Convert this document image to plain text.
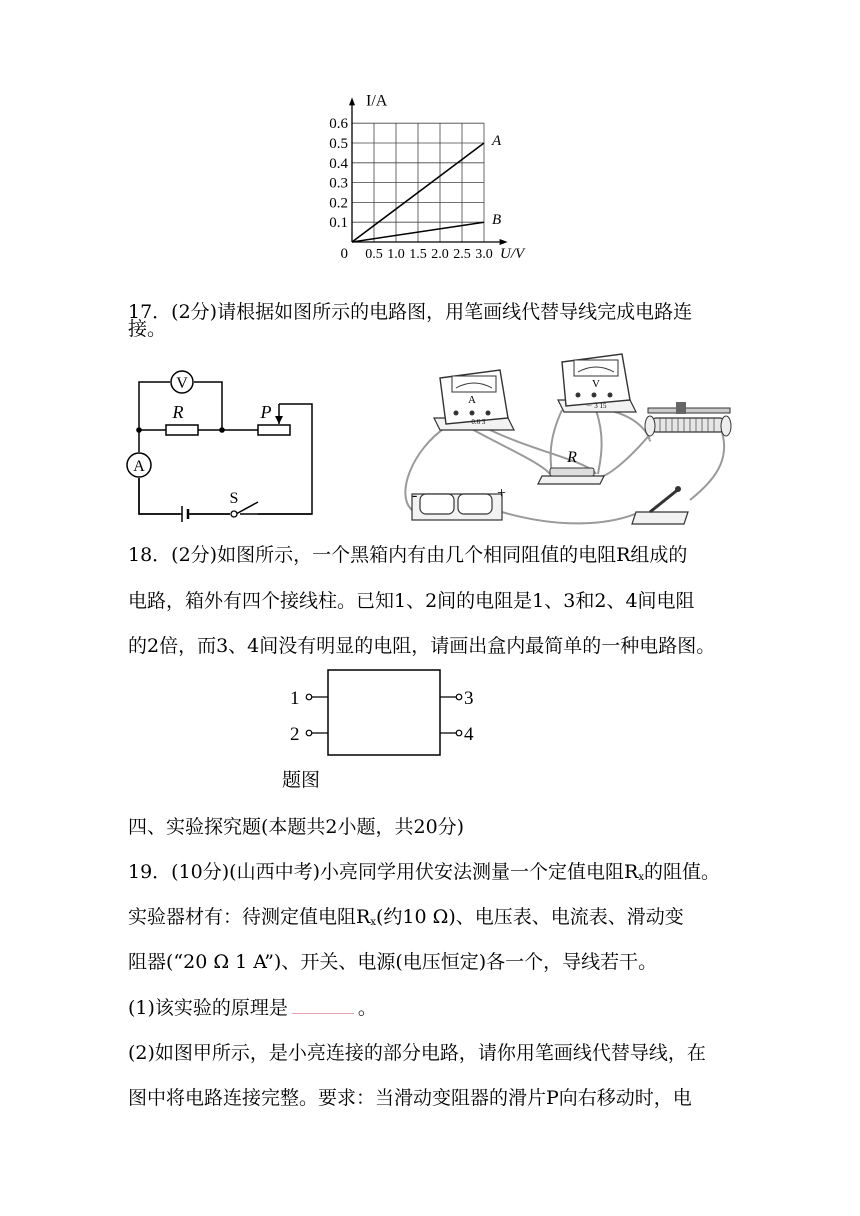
0.5 1.0 1.5 2.0 2.5 3.0
0.1
0.2
0.3
0.4
0.5
0.6
0
I/A
U/V
A
B
17．(2分)请根据如图所示的电路图，用笔画线代替导线完成电路连
接。
V
A
R	P
S
A
－ 0.6 3
V
－ 3 15
R
-	+
18．(2分)如图所示，一个黑箱内有由几个相同阻值的电阻R组成的
电路，箱外有四个接线柱。已知1、2间的电阻是1、3和2、4间电阻
的2倍，而3、4间没有明显的电阻，请画出盒内最简单的一种电路图。
1
2
3
4
题图
四、实验探究题(本题共2小题，共20分)
19．(10分)(山西中考)小亮同学用伏安法测量一个定值电阻$R_x$的阻值。
实验器材有：待测定值电阻$R_x$(约10 Ω)、电压表、电流表、滑动变
阻器(“20 Ω 1 A”)、开关、电源(电压恒定)各一个，导线若干。
(1)该实验的原理是	。
(2)如图甲所示，是小亮连接的部分电路，请你用笔画线代替导线，在
图中将电路连接完整。要求：当滑动变阻器的滑片P向右移动时，电
